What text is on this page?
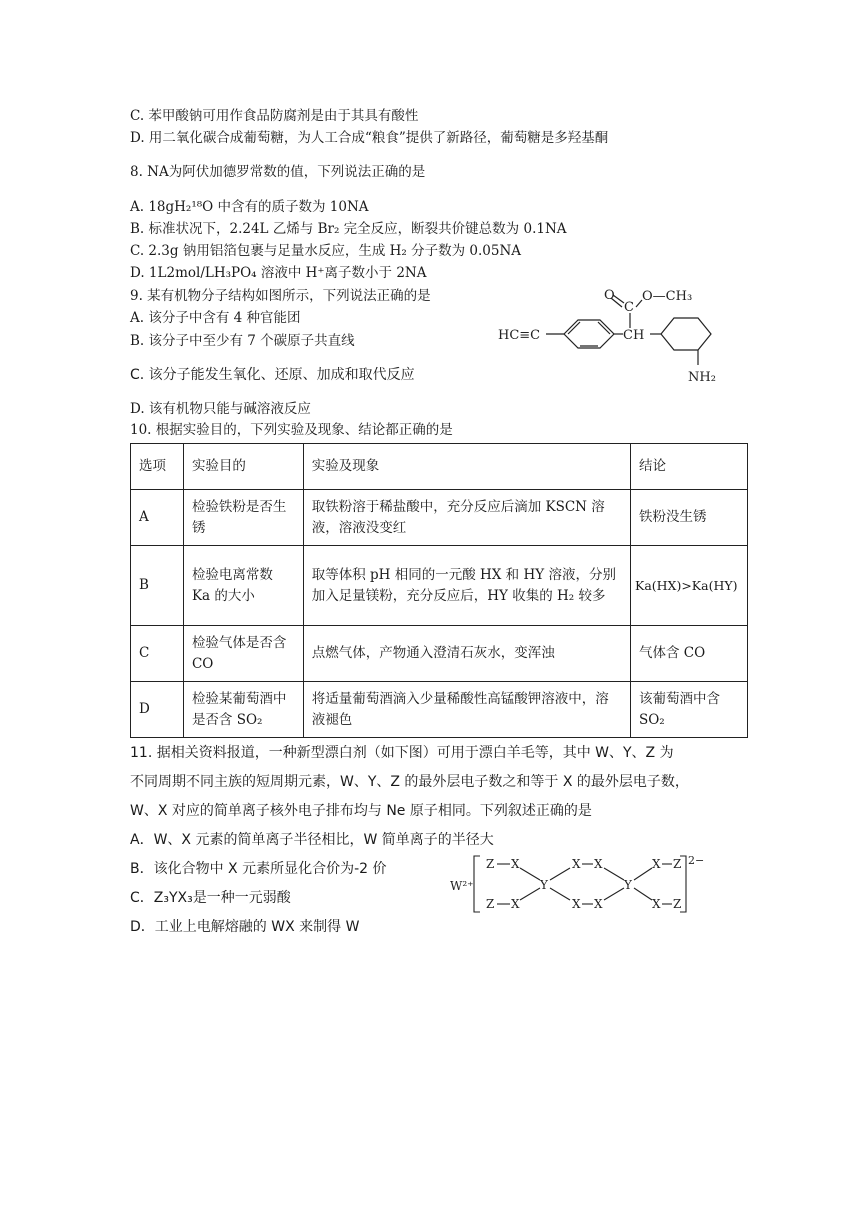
C. 苯甲酸钠可用作食品防腐剂是由于其具有酸性
D. 用二氧化碳合成葡萄糖，为人工合成“粮食”提供了新路径，葡萄糖是多羟基酮
8. NA为阿伏加德罗常数的值，下列说法正确的是
A. 18gH₂¹⁸O 中含有的质子数为 10NA
B. 标准状况下，2.24L 乙烯与 Br₂ 完全反应，断裂共价键总数为 0.1NA
C. 2.3g 钠用铝箔包裹与足量水反应，生成 H₂ 分子数为 0.05NA
D. 1L2mol/LH₃PO₄ 溶液中 H⁺离子数小于 2NA
9. 某有机物分子结构如图所示，下列说法正确的是
A. 该分子中含有 4 种官能团
B. 该分子中至少有 7 个碳原子共直线
C. 该分子能发生氧化、还原、加成和取代反应
D. 该有机物只能与碱溶液反应
O
C
O—CH₃
HC≡C	CH
NH₂
10. 根据实验目的，下列实验及现象、结论都正确的是
选项	实验目的	实验及现象	结论
A	检验铁粉是否生锈	取铁粉溶于稀盐酸中，充分反应后滴加 KSCN 溶液，溶液没变红	铁粉没生锈
B	检验电离常数 Ka 的大小	取等体积 pH 相同的一元酸 HX 和 HY 溶液，分别加入足量镁粉，充分反应后，HY 收集的 H₂ 较多	Ka(HX)>Ka(HY)
C	检验气体是否含 CO	点燃气体，产物通入澄清石灰水，变浑浊	气体含 CO
D	检验某葡萄酒中是否含 SO₂	将适量葡萄酒滴入少量稀酸性高锰酸钾溶液中，溶液褪色	该葡萄酒中含 SO₂
11. 据相关资料报道，一种新型漂白剂（如下图）可用于漂白羊毛等，其中 W、Y、Z 为
不同周期不同主族的短周期元素，W、Y、Z 的最外层电子数之和等于 X 的最外层电子数，
W、X 对应的简单离子核外电子排布均与 Ne 原子相同。下列叙述正确的是
A．W、X 元素的简单离子半径相比，W 简单离子的半径大
B．该化合物中 X 元素所显化合价为-2 价
C．Z₃YX₃是一种一元弱酸
D．工业上电解熔融的 WX 来制得 W
W²⁺
2−
Z X
Z X
Y
X X
X X
Y
X Z
X Z
